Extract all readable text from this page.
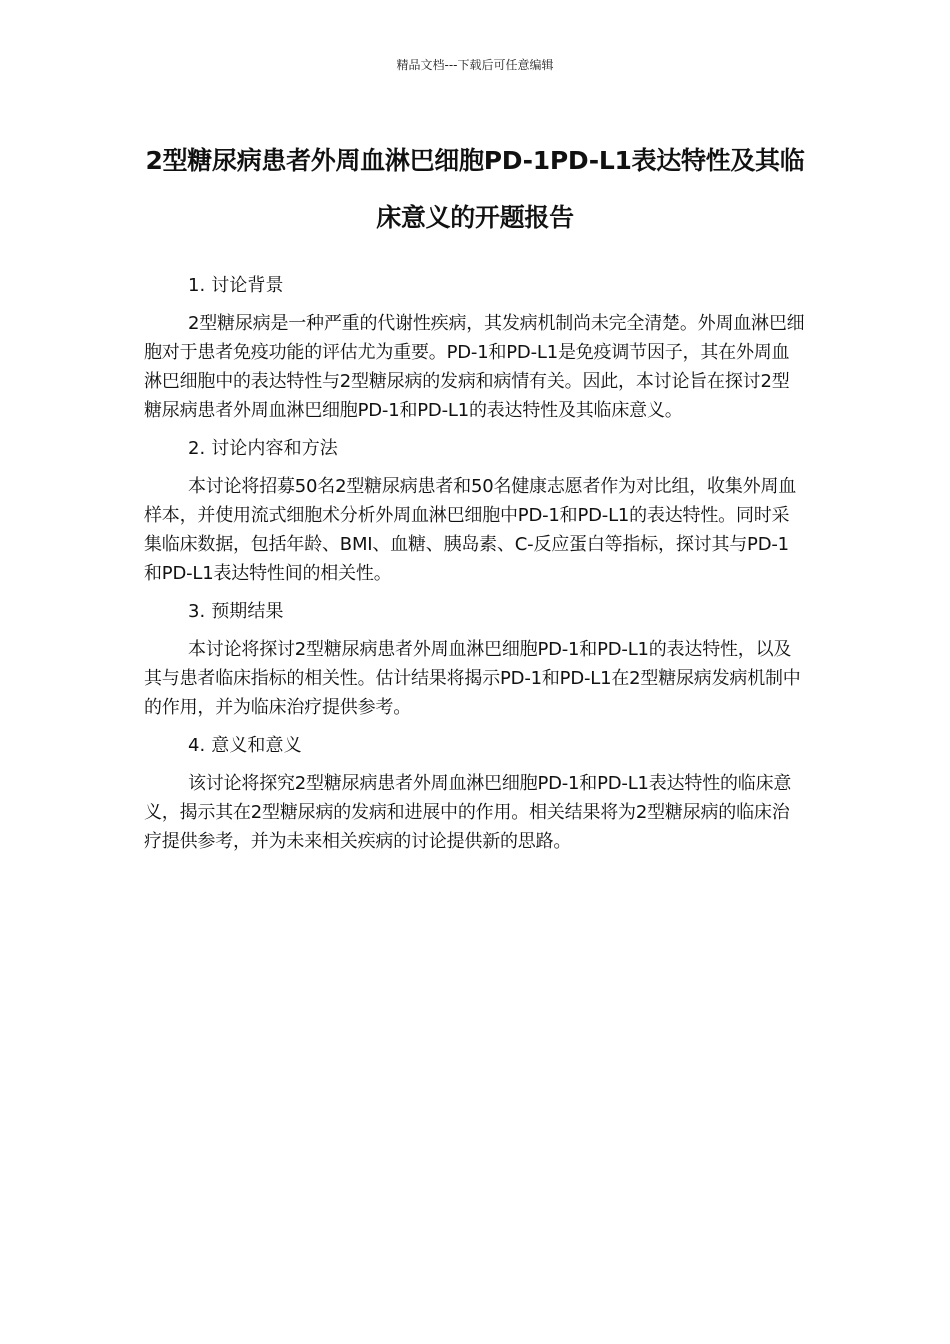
精品文档---下载后可任意编辑
2型糖尿病患者外周血淋巴细胞PD-1PD-L1表达特性及其临床意义的开题报告

1. 讨论背景

2型糖尿病是一种严重的代谢性疾病，其发病机制尚未完全清楚。外周血淋巴细胞对于患者免疫功能的评估尤为重要。PD-1和PD-L1是免疫调节因子，其在外周血淋巴细胞中的表达特性与2型糖尿病的发病和病情有关。因此，本讨论旨在探讨2型糖尿病患者外周血淋巴细胞PD-1和PD-L1的表达特性及其临床意义。

2. 讨论内容和方法

本讨论将招募50名2型糖尿病患者和50名健康志愿者作为对比组，收集外周血样本，并使用流式细胞术分析外周血淋巴细胞中PD-1和PD-L1的表达特性。同时采集临床数据，包括年龄、BMI、血糖、胰岛素、C-反应蛋白等指标，探讨其与PD-1和PD-L1表达特性间的相关性。

3. 预期结果

本讨论将探讨2型糖尿病患者外周血淋巴细胞PD-1和PD-L1的表达特性，以及其与患者临床指标的相关性。估计结果将揭示PD-1和PD-L1在2型糖尿病发病机制中的作用，并为临床治疗提供参考。

4. 意义和意义

该讨论将探究2型糖尿病患者外周血淋巴细胞PD-1和PD-L1表达特性的临床意义，揭示其在2型糖尿病的发病和进展中的作用。相关结果将为2型糖尿病的临床治疗提供参考，并为未来相关疾病的讨论提供新的思路。
